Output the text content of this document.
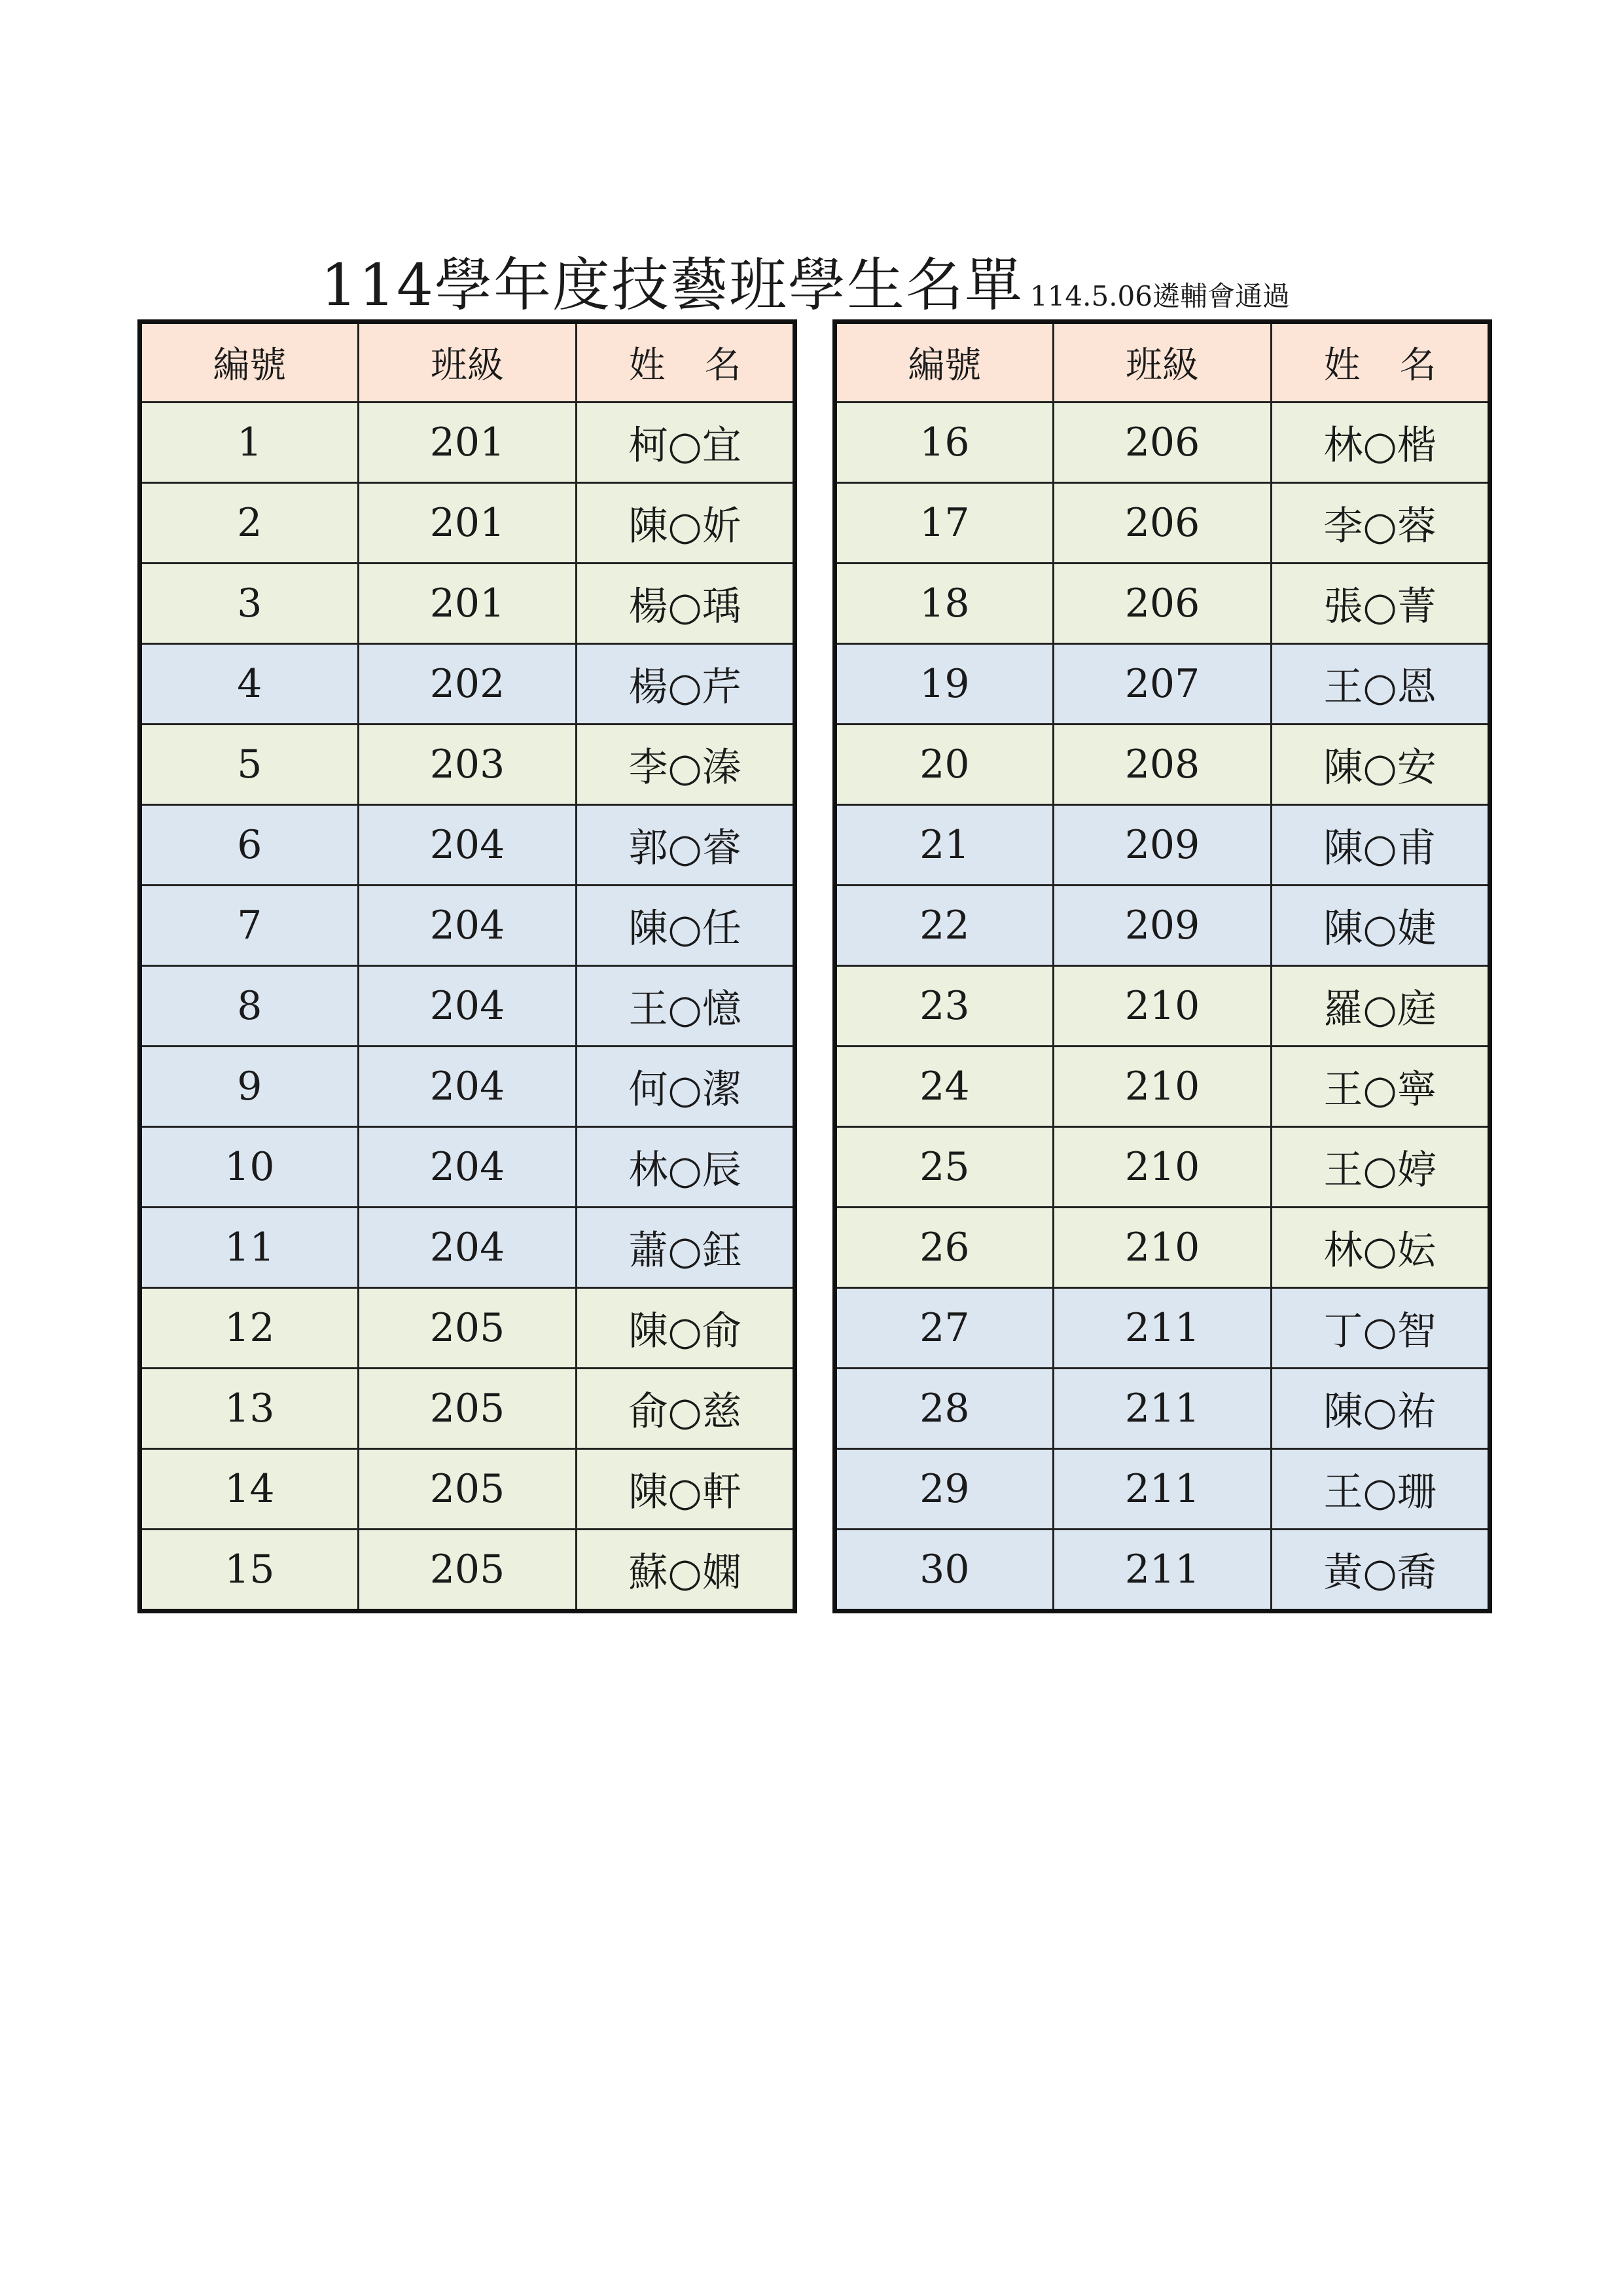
114學年度技藝班學生名單 114.5.06遴輔會通過
編號	班級	姓名
1	201	柯○宜
2	201	陳○妡
3	201	楊○瑀
4	202	楊○芹
5	203	李○溱
6	204	郭○睿
7	204	陳○任
8	204	王○憶
9	204	何○潔
10	204	林○辰
11	204	蕭○鈺
12	205	陳○俞
13	205	俞○慈
14	205	陳○軒
15	205	蘇○嫻
編號	班級	姓名
16	206	林○楷
17	206	李○蓉
18	206	張○菁
19	207	王○恩
20	208	陳○安
21	209	陳○甫
22	209	陳○婕
23	210	羅○庭
24	210	王○寧
25	210	王○婷
26	210	林○妘
27	211	丁○智
28	211	陳○祐
29	211	王○珊
30	211	黃○喬
